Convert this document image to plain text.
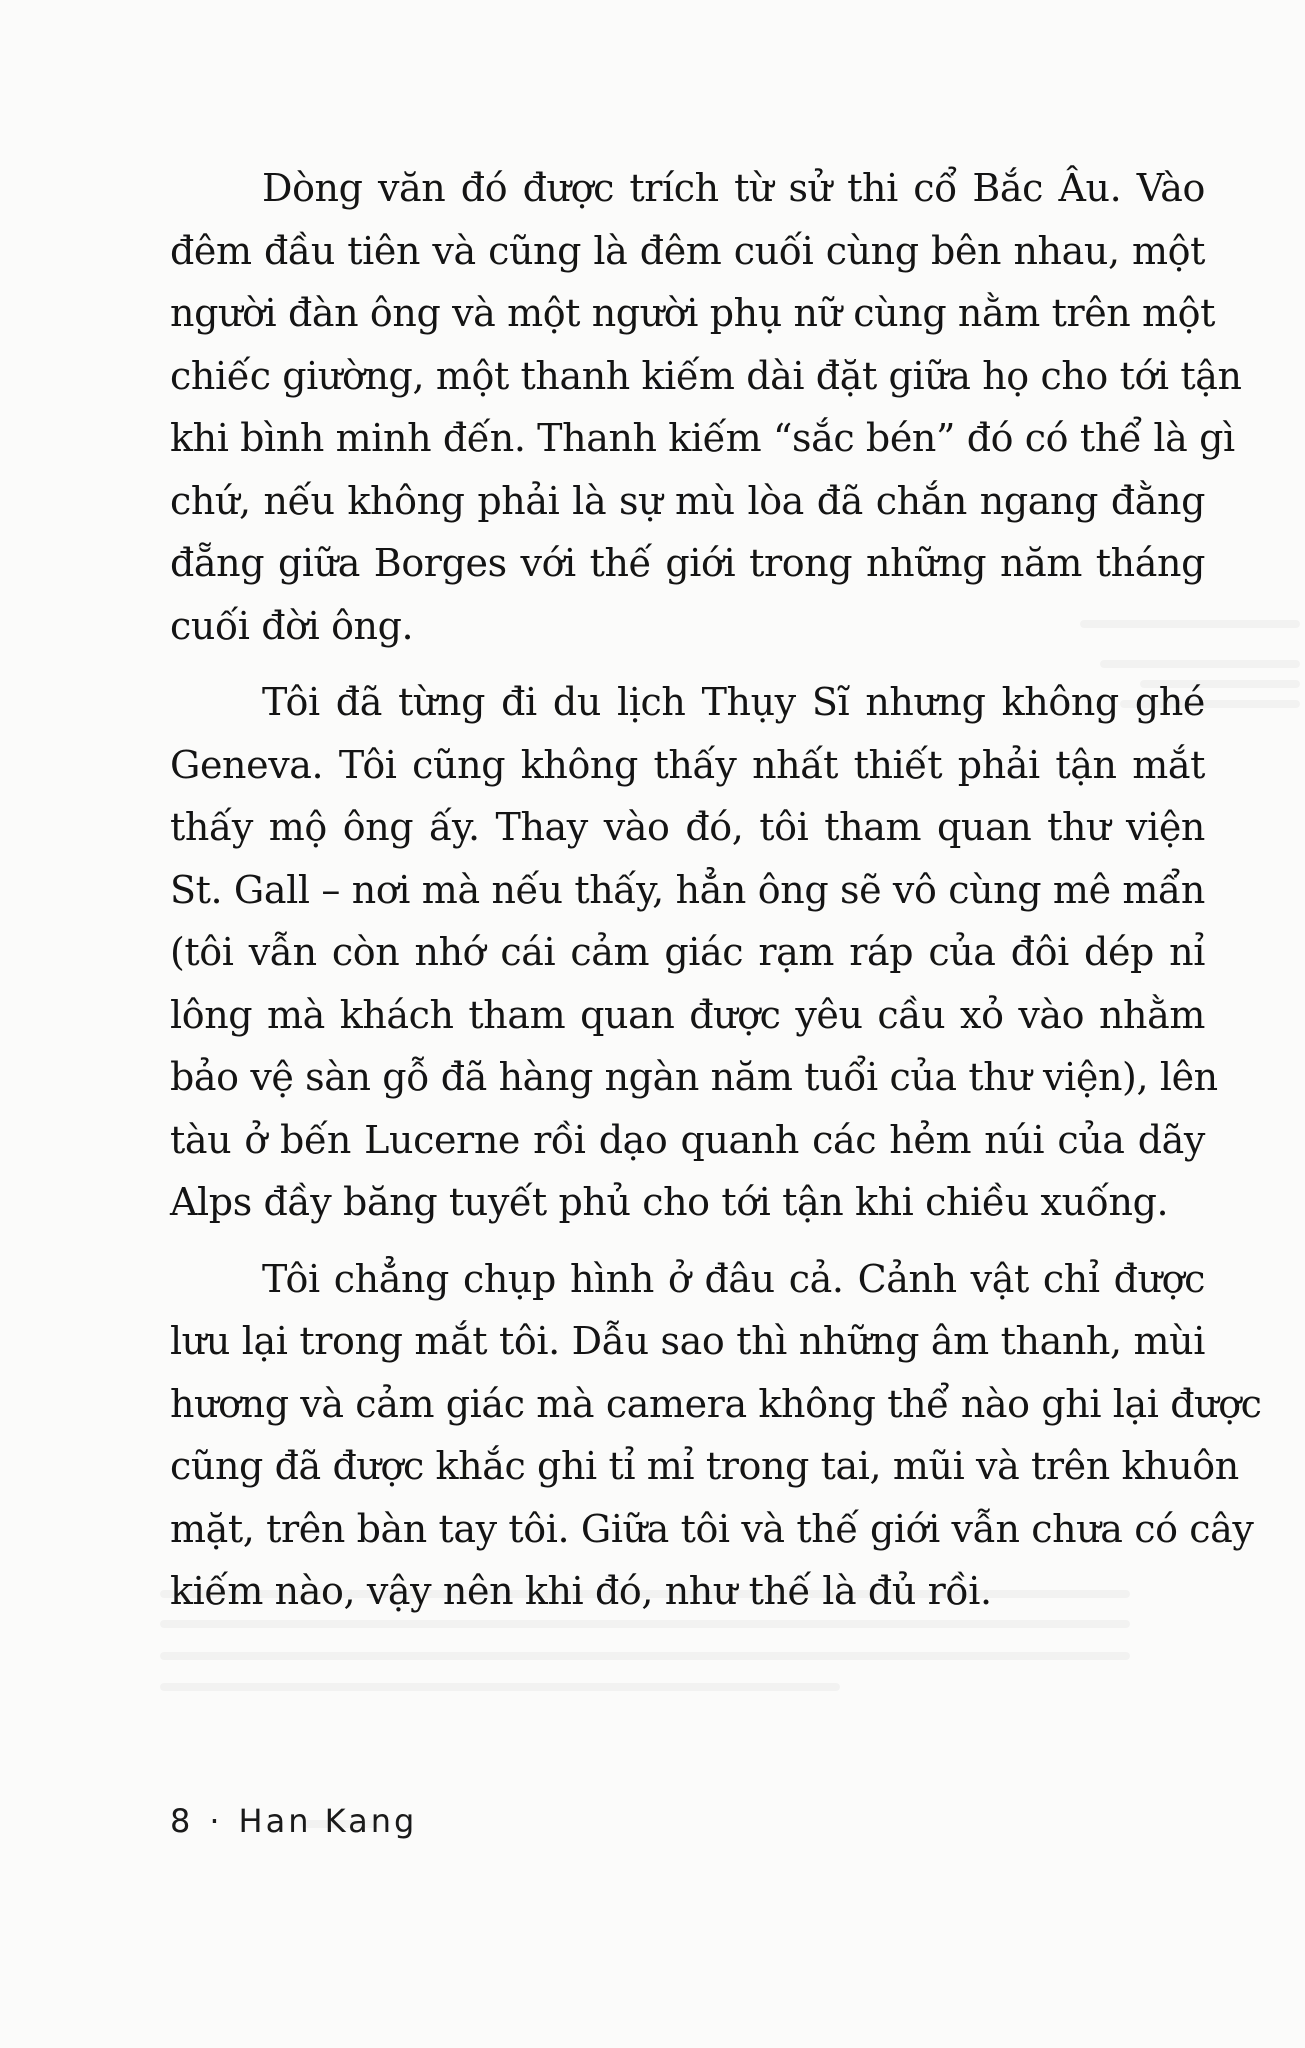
Dòng văn đó được trích từ sử thi cổ Bắc Âu. Vào
đêm đầu tiên và cũng là đêm cuối cùng bên nhau, một
người đàn ông và một người phụ nữ cùng nằm trên một
chiếc giường, một thanh kiếm dài đặt giữa họ cho tới tận
khi bình minh đến. Thanh kiếm “sắc bén” đó có thể là gì
chứ, nếu không phải là sự mù lòa đã chắn ngang đằng
đẵng giữa Borges với thế giới trong những năm tháng
cuối đời ông.
Tôi đã từng đi du lịch Thụy Sĩ nhưng không ghé
Geneva. Tôi cũng không thấy nhất thiết phải tận mắt
thấy mộ ông ấy. Thay vào đó, tôi tham quan thư viện
St. Gall – nơi mà nếu thấy, hẳn ông sẽ vô cùng mê mẩn
(tôi vẫn còn nhớ cái cảm giác rạm ráp của đôi dép nỉ
lông mà khách tham quan được yêu cầu xỏ vào nhằm
bảo vệ sàn gỗ đã hàng ngàn năm tuổi của thư viện), lên
tàu ở bến Lucerne rồi dạo quanh các hẻm núi của dãy
Alps đầy băng tuyết phủ cho tới tận khi chiều xuống.
Tôi chẳng chụp hình ở đâu cả. Cảnh vật chỉ được
lưu lại trong mắt tôi. Dẫu sao thì những âm thanh, mùi
hương và cảm giác mà camera không thể nào ghi lại được
cũng đã được khắc ghi tỉ mỉ trong tai, mũi và trên khuôn
mặt, trên bàn tay tôi. Giữa tôi và thế giới vẫn chưa có cây
kiếm nào, vậy nên khi đó, như thế là đủ rồi.
8 · Han Kang
